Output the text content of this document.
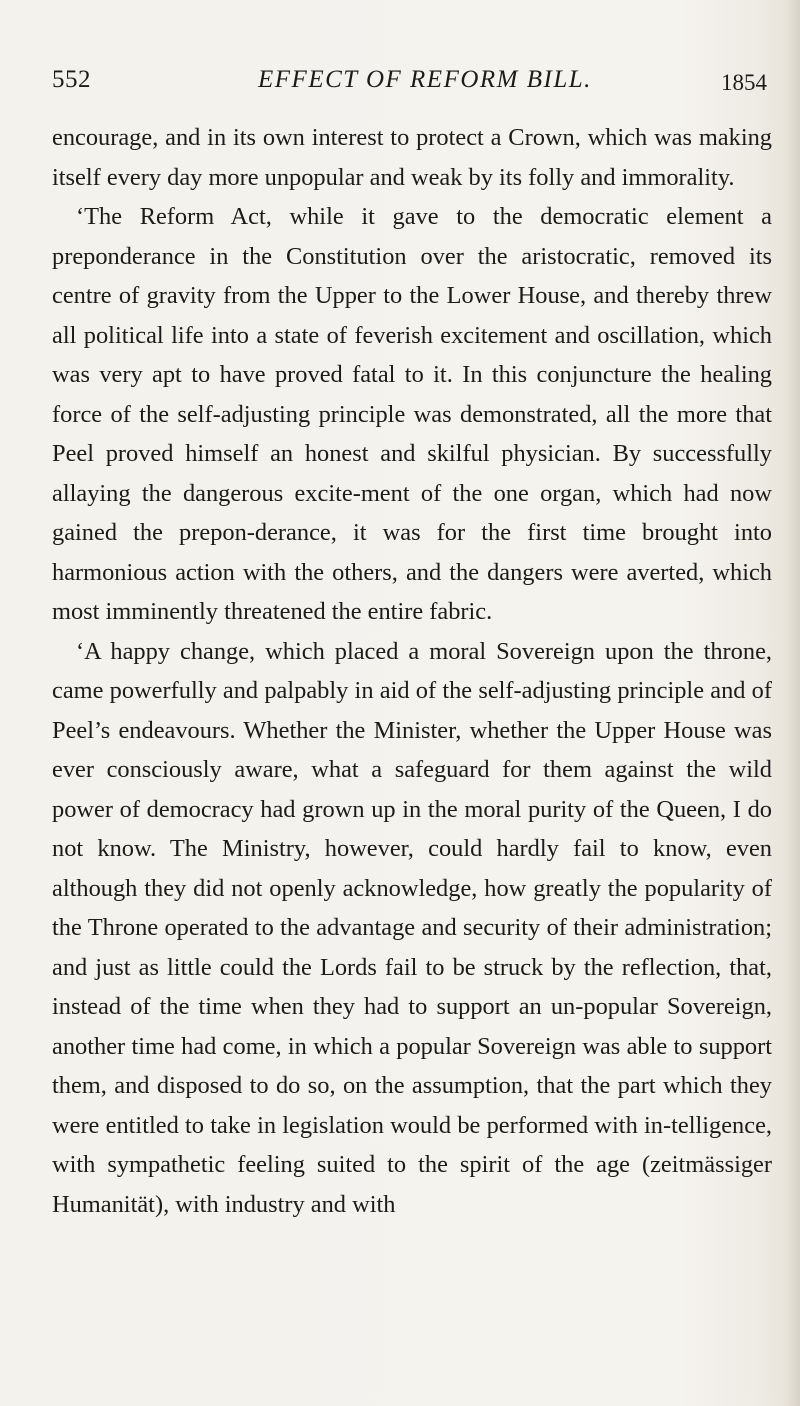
552	EFFECT OF REFORM BILL.	1854

encourage, and in its own interest to protect a Crown, which was making itself every day more unpopular and weak by its folly and immorality.

‘The Reform Act, while it gave to the democratic element a preponderance in the Constitution over the aristocratic, removed its centre of gravity from the Upper to the Lower House, and thereby threw all political life into a state of feverish excitement and oscillation, which was very apt to have proved fatal to it. In this conjuncture the healing force of the self-adjusting principle was demonstrated, all the more that Peel proved himself an honest and skilful physician. By successfully allaying the dangerous excite-ment of the one organ, which had now gained the prepon-derance, it was for the first time brought into harmonious action with the others, and the dangers were averted, which most imminently threatened the entire fabric.

‘A happy change, which placed a moral Sovereign upon the throne, came powerfully and palpably in aid of the self-adjusting principle and of Peel’s endeavours. Whether the Minister, whether the Upper House was ever consciously aware, what a safeguard for them against the wild power of democracy had grown up in the moral purity of the Queen, I do not know. The Ministry, however, could hardly fail to know, even although they did not openly acknowledge, how greatly the popularity of the Throne operated to the advantage and security of their administration; and just as little could the Lords fail to be struck by the reflection, that, instead of the time when they had to support an un-popular Sovereign, another time had come, in which a popular Sovereign was able to support them, and disposed to do so, on the assumption, that the part which they were entitled to take in legislation would be performed with in-telligence, with sympathetic feeling suited to the spirit of the age (zeitmässiger Humanität), with industry and with
